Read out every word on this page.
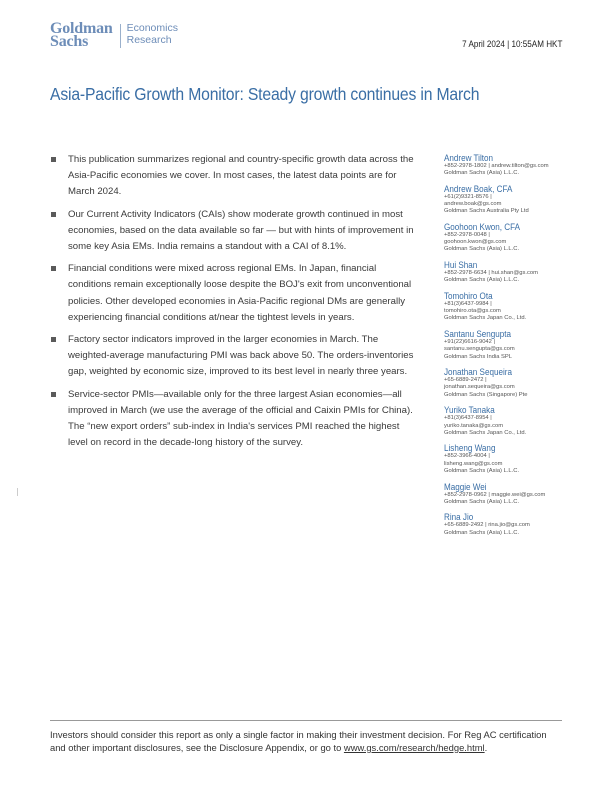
Goldman
Sachs
Economics
Research	7 April 2024 | 10:55AM HKT
Asia-Pacific Growth Monitor: Steady growth continues in March
This publication summarizes regional and country-specific growth data across the Asia-Pacific economies we cover. In most cases, the latest data points are for March 2024.
Our Current Activity Indicators (CAIs) show moderate growth continued in most economies, based on the data available so far — but with hints of improvement in some key Asia EMs. India remains a standout with a CAI of 8.1%.
Financial conditions were mixed across regional EMs. In Japan, financial conditions remain exceptionally loose despite the BOJ's exit from unconventional policies. Other developed economies in Asia-Pacific regional DMs are generally experiencing financial conditions at/near the tightest levels in years.
Factory sector indicators improved in the larger economies in March. The weighted-average manufacturing PMI was back above 50. The orders-inventories gap, weighted by economic size, improved to its best level in nearly three years.
Service-sector PMIs—available only for the three largest Asian economies—all improved in March (we use the average of the official and Caixin PMIs for China). The “new export orders” sub-index in India's services PMI reached the highest level on record in the decade-long history of the survey.
Andrew Tilton
+852-2978-1802 | andrew.tilton@gs.com
Goldman Sachs (Asia) L.L.C.
Andrew Boak, CFA
+61(2)9321-8576 |
andrew.boak@gs.com
Goldman Sachs Australia Pty Ltd
Goohoon Kwon, CFA
+852-2978-0048 |
goohoon.kwon@gs.com
Goldman Sachs (Asia) L.L.C.
Hui Shan
+852-2978-6634 | hui.shan@gs.com
Goldman Sachs (Asia) L.L.C.
Tomohiro Ota
+81(3)6437-9984 |
tomohiro.ota@gs.com
Goldman Sachs Japan Co., Ltd.
Santanu Sengupta
+91(22)6616-9042 |
santanu.sengupta@gs.com
Goldman Sachs India SPL
Jonathan Sequeira
+65-6889-2472 |
jonathan.sequeira@gs.com
Goldman Sachs (Singapore) Pte
Yuriko Tanaka
+81(3)6437-8954 |
yuriko.tanaka@gs.com
Goldman Sachs Japan Co., Ltd.
Lisheng Wang
+852-3966-4004 |
lisheng.wang@gs.com
Goldman Sachs (Asia) L.L.C.
Maggie Wei
+852-2978-0962 | maggie.wei@gs.com
Goldman Sachs (Asia) L.L.C.
Rina Jio
+65-6889-2492 | rina.jio@gs.com
Goldman Sachs (Asia) L.L.C.
Investors should consider this report as only a single factor in making their investment decision. For Reg AC certification and other important disclosures, see the Disclosure Appendix, or go to www.gs.com/research/hedge.html.
